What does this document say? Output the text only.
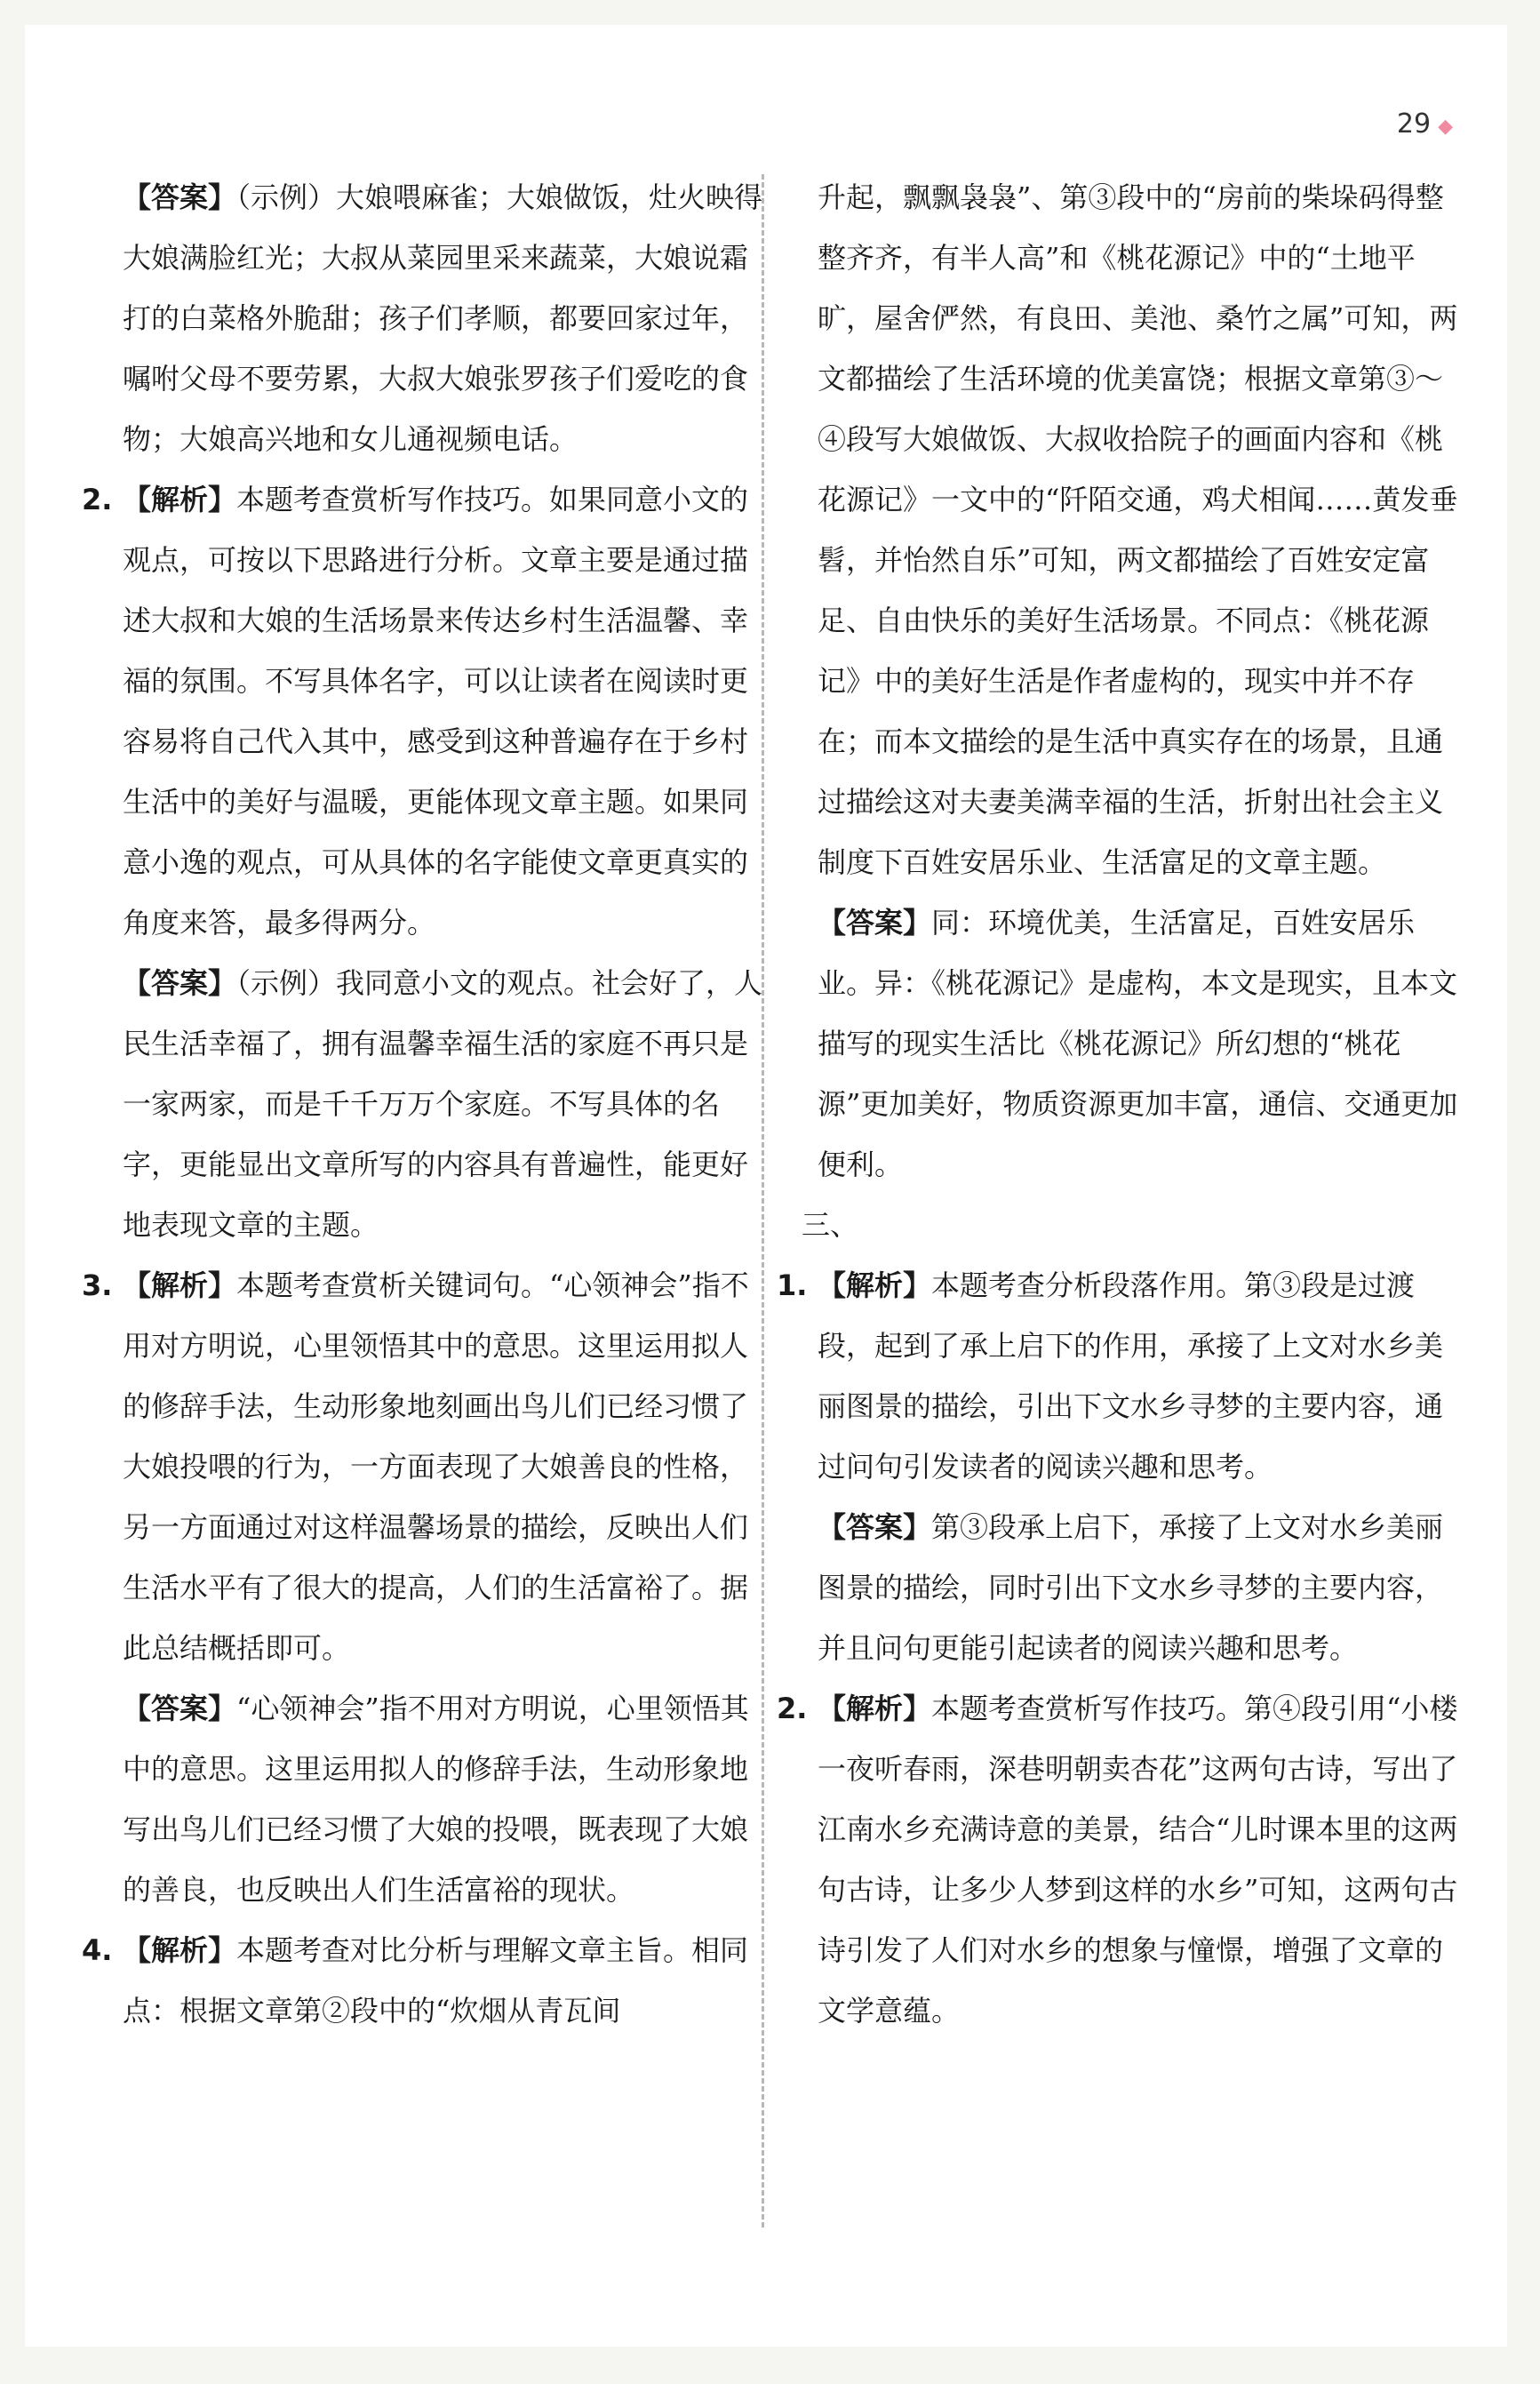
29 ◆
【答案】（示例）大娘喂麻雀；大娘做饭，灶火映得大娘满脸红光；大叔从菜园里采来蔬菜，大娘说霜打的白菜格外脆甜；孩子们孝顺，都要回家过年，嘱咐父母不要劳累，大叔大娘张罗孩子们爱吃的食物；大娘高兴地和女儿通视频电话。
2. 【解析】本题考查赏析写作技巧。如果同意小文的观点，可按以下思路进行分析。文章主要是通过描述大叔和大娘的生活场景来传达乡村生活温馨、幸福的氛围。不写具体名字，可以让读者在阅读时更容易将自己代入其中，感受到这种普遍存在于乡村生活中的美好与温暖，更能体现文章主题。如果同意小逸的观点，可从具体的名字能使文章更真实的角度来答，最多得两分。
【答案】（示例）我同意小文的观点。社会好了，人民生活幸福了，拥有温馨幸福生活的家庭不再只是一家两家，而是千千万万个家庭。不写具体的名字，更能显出文章所写的内容具有普遍性，能更好地表现文章的主题。
3. 【解析】本题考查赏析关键词句。“心领神会”指不用对方明说，心里领悟其中的意思。这里运用拟人的修辞手法，生动形象地刻画出鸟儿们已经习惯了大娘投喂的行为，一方面表现了大娘善良的性格，另一方面通过对这样温馨场景的描绘，反映出人们生活水平有了很大的提高，人们的生活富裕了。据此总结概括即可。
【答案】“心领神会”指不用对方明说，心里领悟其中的意思。这里运用拟人的修辞手法，生动形象地写出鸟儿们已经习惯了大娘的投喂，既表现了大娘的善良，也反映出人们生活富裕的现状。
4. 【解析】本题考查对比分析与理解文章主旨。相同点：根据文章第②段中的“炊烟从青瓦间
升起，飘飘袅袅”、第③段中的“房前的柴垛码得整整齐齐，有半人高”和《桃花源记》中的“土地平旷，屋舍俨然，有良田、美池、桑竹之属”可知，两文都描绘了生活环境的优美富饶；根据文章第③～④段写大娘做饭、大叔收拾院子的画面内容和《桃花源记》一文中的“阡陌交通，鸡犬相闻……黄发垂髫，并怡然自乐”可知，两文都描绘了百姓安定富足、自由快乐的美好生活场景。不同点：《桃花源记》中的美好生活是作者虚构的，现实中并不存在；而本文描绘的是生活中真实存在的场景，且通过描绘这对夫妻美满幸福的生活，折射出社会主义制度下百姓安居乐业、生活富足的文章主题。
【答案】同：环境优美，生活富足，百姓安居乐业。异：《桃花源记》是虚构，本文是现实，且本文描写的现实生活比《桃花源记》所幻想的“桃花源”更加美好，物质资源更加丰富，通信、交通更加便利。
三、
1. 【解析】本题考查分析段落作用。第③段是过渡段，起到了承上启下的作用，承接了上文对水乡美丽图景的描绘，引出下文水乡寻梦的主要内容，通过问句引发读者的阅读兴趣和思考。
【答案】第③段承上启下，承接了上文对水乡美丽图景的描绘，同时引出下文水乡寻梦的主要内容，并且问句更能引起读者的阅读兴趣和思考。
2. 【解析】本题考查赏析写作技巧。第④段引用“小楼一夜听春雨，深巷明朝卖杏花”这两句古诗，写出了江南水乡充满诗意的美景，结合“儿时课本里的这两句古诗，让多少人梦到这样的水乡”可知，这两句古诗引发了人们对水乡的想象与憧憬，增强了文章的文学意蕴。
